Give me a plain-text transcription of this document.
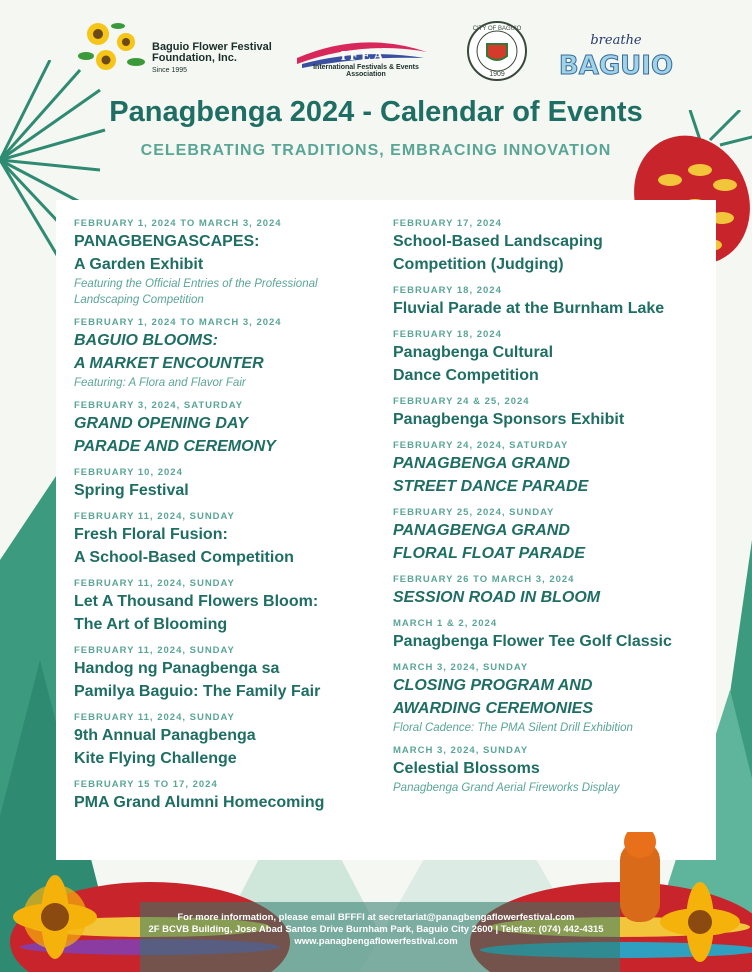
Baguio Flower Festival
Foundation, Inc.
Since 1995
I F E A
International Festivals & Events Association
CITY OF BAGUIO
1909
breathe
BAGUIO
Panagbenga 2024 - Calendar of Events
CELEBRATING TRADITIONS, EMBRACING INNOVATION
FEBRUARY 1, 2024 TO MARCH 3, 2024
PANAGBENGASCAPES:
A Garden Exhibit
Featuring the Official Entries of the Professional
Landscaping Competition
FEBRUARY 1, 2024 TO MARCH 3, 2024
BAGUIO BLOOMS:
A MARKET ENCOUNTER
Featuring: A Flora and Flavor Fair
FEBRUARY 3, 2024, SATURDAY
GRAND OPENING DAY
PARADE AND CEREMONY
FEBRUARY 10, 2024
Spring Festival
FEBRUARY 11, 2024, SUNDAY
Fresh Floral Fusion:
A School-Based Competition
FEBRUARY 11, 2024, SUNDAY
Let A Thousand Flowers Bloom:
The Art of Blooming
FEBRUARY 11, 2024, SUNDAY
Handog ng Panagbenga sa
Pamilya Baguio: The Family Fair
FEBRUARY 11, 2024, SUNDAY
9th Annual Panagbenga
Kite Flying Challenge
FEBRUARY 15 TO 17, 2024
PMA Grand Alumni Homecoming
FEBRUARY 17, 2024
School-Based Landscaping
Competition (Judging)
FEBRUARY 18, 2024
Fluvial Parade at the Burnham Lake
FEBRUARY 18, 2024
Panagbenga Cultural
Dance Competition
FEBRUARY 24 & 25, 2024
Panagbenga Sponsors Exhibit
FEBRUARY 24, 2024, SATURDAY
PANAGBENGA GRAND
STREET DANCE PARADE
FEBRUARY 25, 2024, SUNDAY
PANAGBENGA GRAND
FLORAL FLOAT PARADE
FEBRUARY 26 TO MARCH 3, 2024
SESSION ROAD IN BLOOM
MARCH 1 & 2, 2024
Panagbenga Flower Tee Golf Classic
MARCH 3, 2024, SUNDAY
CLOSING PROGRAM AND
AWARDING CEREMONIES
Floral Cadence: The PMA Silent Drill Exhibition
MARCH 3, 2024, SUNDAY
Celestial Blossoms
Panagbenga Grand Aerial Fireworks Display
For more information, please email BFFFI at secretariat@panagbengaflowerfestival.com
2F BCVB Building, Jose Abad Santos Drive Burnham Park, Baguio City 2600 | Telefax: (074) 442-4315
www.panagbengaflowerfestival.com
